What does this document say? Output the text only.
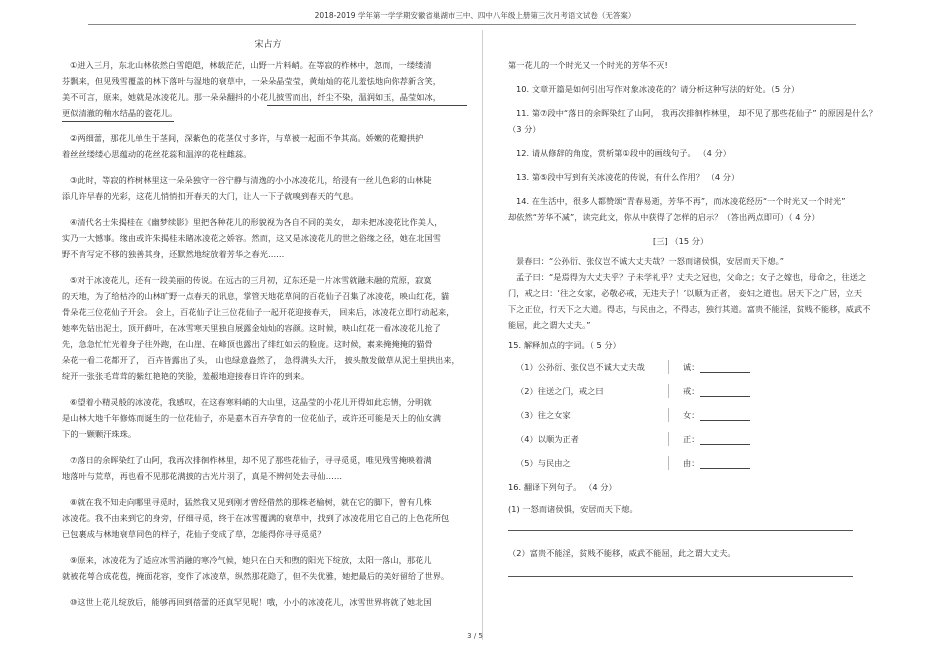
2018-2019 学年第一学学期安徽省巢湖市三中、四中八年级上册第三次月考语文试卷（无答案）
宋占方
①进入三月，东北山林依然白雪皑皑，林载茫茫，山野一片料峭。在等寂的柞林中，忽而，一缕缕清
芬飘来，但见残雪覆盖的林下落叶与湿地的衰草中，一朵朵晶莹莹，黄灿灿的花儿羞怯地向你荐新含笑，
美不可言，原来，她就是冰凌花儿。那一朵朵翻抖的小花儿披雪而出，纤尘不染，温润如玉，晶莹如冰，
更似清澈的釉水结晶的瓷花儿。
②两细蕾，那花儿单生于茎间，深紫色的花茎仅寸多许，与草被一起面不争其高。娇嫩的花瓣拱护
着丝丝缕缕心思蕴动的花丝花蕊和温淳的花柱雌蕊。
③此时，等寂的柞树林里这一朵朵独守一谷宁静与清逸的小小冰凌花儿，给浸有一丝儿色彩的山林陡
添几许早春的光彩，这花儿悄悄扣开春天的大门，让人一下子就嗅到春天的气息。
④清代名士朱揭桂在《幽梦续影》里把各种花儿的形貌视为各自不同的美女， 却未把冰凌花比作美人，
实乃一大憾事。缘由或许朱揭桂未睹冰凌花之娇容。然而，这又是冰凌花儿的世之俗缘之径，她在北国雪
野不肯写定不移的独善其身，还默然地绽放着芳华之春光……
⑤对于冰凌花儿，还有一段美丽的传说。在远古的三月初，辽东还是一片冰雪就融未融的荒原，寂寞
的天地，为了给枯冷的山林旷野一点春天的讯息，掌管天地花草间的百花仙子召集了冰凌花，映山红花，貓
骨朵花三位花仙子开会。 会上，百花仙子让三位花仙子一起开花迎接春天， 回来后，冰凌花立即行动起来，
她率先钻出泥土，顶开藓叶，在冰雪寒天里独自展露金灿灿的容颜。这时候，映山红花一看冰凌花儿抢了
先，急急忙忙光着身子往外跑，在山崖、在峰顶也露出了绯红如云的脸庞。这时候，素来掩掩掩的猫骨
朵花一看二花都开了， 百卉皆露出了头， 山也绿意盎然了， 急得满头大汗， 披头散发做草从泥土里拱出来，
绽开一张张毛茸茸的紫红艳艳的笑脸，羞赧地迎接春日许许的到来。
⑥望着小精灵般的冰凌花，我感叹，在这春寒料峭的大山里，这晶莹的小花儿开得如此忘情，分明就
是山林大地千年修炼而诞生的一位花仙子，亦是嘉木百卉孕育的一位花仙子，或许还可能是天上的仙女满
下的一颗颗汗珠珠。
⑦落日的余晖染红了山阿，我再次排徊柞林里，却不见了那些花仙子，寻寻觅觅，唯见残雪掩映着满
地落叶与荒草，再也看不见那花满披的古光片羽了，真是不辨何处去寻仙……
⑧就在我不知走向哪里寻觅时，猛然我又见到刚才曾经借然的那株老榆树，就在它的脚下，曾有几株
冰凌花。我不由来到它的身旁，仔细寻觅，终于在冰雪覆满的衰草中，找到了冰凌花用它自己的上色花所包
已包裹成与林地衰草同色的样子，花仙子变成了草，怎能得你寻寻觅觅？
⑨原来，冰凌花为了适应冰雪消融的寒冷气候，她只在白天和煦的阳光下绽放，太阳一落山，那花儿
就被花萼合成花苞，掩面花容，变作了冰凌草，纵然那花隐了，但不失优雅，她把最后的美好留给了世界。
⑩这世上花儿绽放后，能够再回到蓓蕾的还真罕见呢！哦，小小的冰凌花儿，冰雪世界将就了她北国
第一花儿的一个时光又一个时光的芳华不灭!
10. 文章开篇是如何引出写作对象冰凌花的？请分析这种写法的好处。（5 分）
11. 第⑦段中“落日的余晖染红了山阿， 我再次排徊柞林里， 却不见了那些花仙子” 的原因是什么？
（3 分）
12. 请从修辞的角度，赏析第①段中的画线句子。 （4 分）
13. 第⑤段中写到有关冰凌花的传说，有什么作用？ （4 分）
14. 在生活中，很多人都赞颂“青春易逝，芳华不再”，而冰凌花经历“一个时光又一个时光”
却依然“芳华不减”，读完此文，你从中获得了怎样的启示？（答出两点即可）（ 4 分）
[三] （15 分）
景春曰：“公孙衍、张仪岂不诚大丈夫哉？一怒而诸侯惧，安居而天下熄。”
孟子曰：“是焉得为大丈夫乎？子未学礼乎？丈夫之冠也，父命之；女子之嫁也，母命之，往送之
门，戒之曰：‘往之女家，必敬必戒，无违夫子！’以顺为正者， 妾妇之道也。居天下之广居，立天
下之正位，行天下之大道。得志，与民由之，不得志，独行其道。富贵不能淫，贫贱不能移，威武不
能屈，此之谓大丈夫。”
15. 解释加点的字词。（ 5 分）
（1）公孙衍、张仪岂不诚大丈夫哉	诚：
（2）往送之门，戒之曰	戒：
（3）往之女家	女：
（4）以顺为正者	正：
（5）与民由之	由：
16. 翻译下列句子。 （4 分）
(1) 一怒而诸侯惧，安居而天下熄。
（2）富贵不能淫，贫贱不能移，威武不能屈，此之谓大丈夫。
3 / 5
